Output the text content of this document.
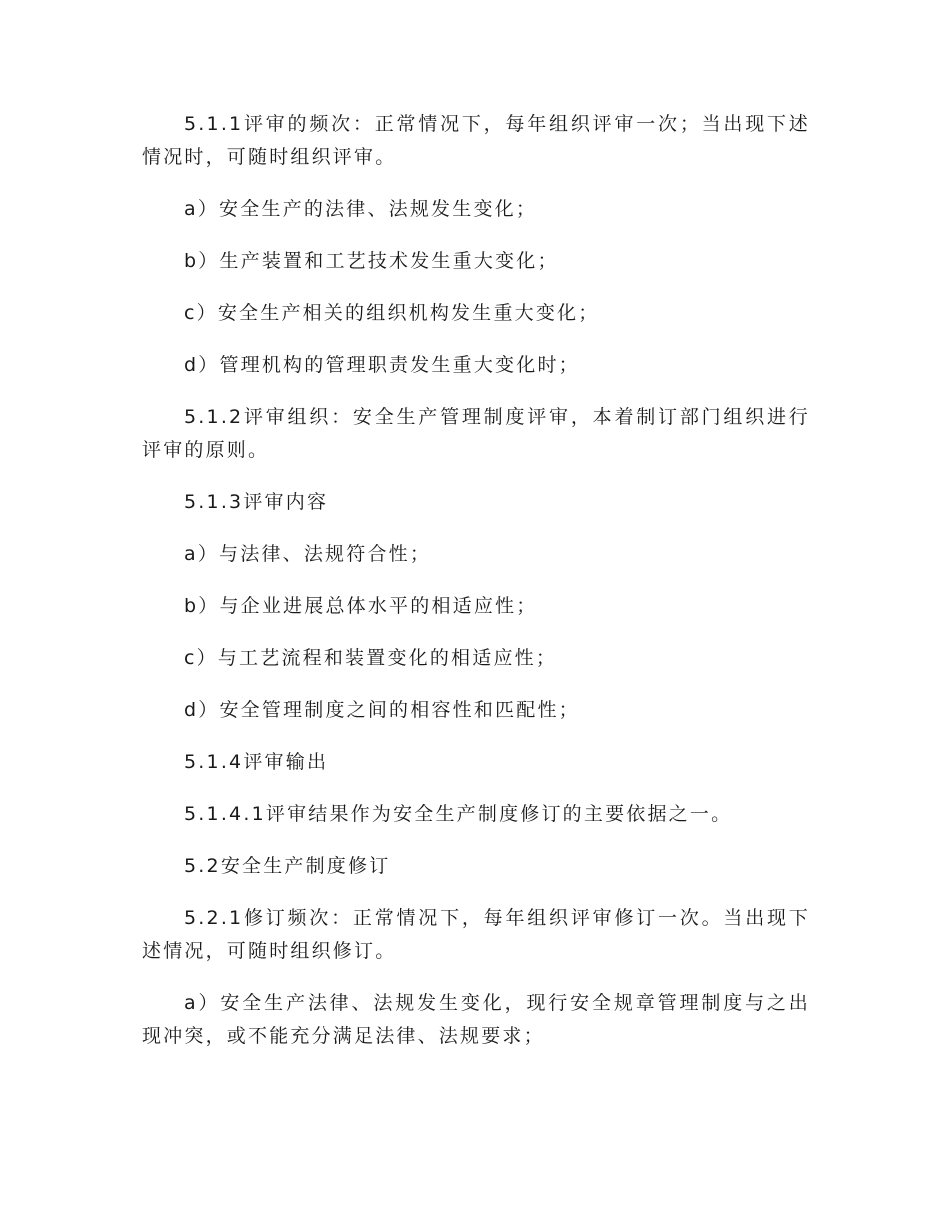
5.1.1评审的频次：正常情况下，每年组织评审一次；当出现下述情况时，可随时组织评审。

a）安全生产的法律、法规发生变化；

b）生产装置和工艺技术发生重大变化；

c）安全生产相关的组织机构发生重大变化；

d）管理机构的管理职责发生重大变化时；

5.1.2评审组织：安全生产管理制度评审，本着制订部门组织进行评审的原则。

5.1.3评审内容

a）与法律、法规符合性；

b）与企业进展总体水平的相适应性；

c）与工艺流程和装置变化的相适应性；

d）安全管理制度之间的相容性和匹配性；

5.1.4评审输出

5.1.4.1评审结果作为安全生产制度修订的主要依据之一。

5.2安全生产制度修订

5.2.1修订频次：正常情况下，每年组织评审修订一次。当出现下述情况，可随时组织修订。

a）安全生产法律、法规发生变化，现行安全规章管理制度与之出现冲突，或不能充分满足法律、法规要求；
